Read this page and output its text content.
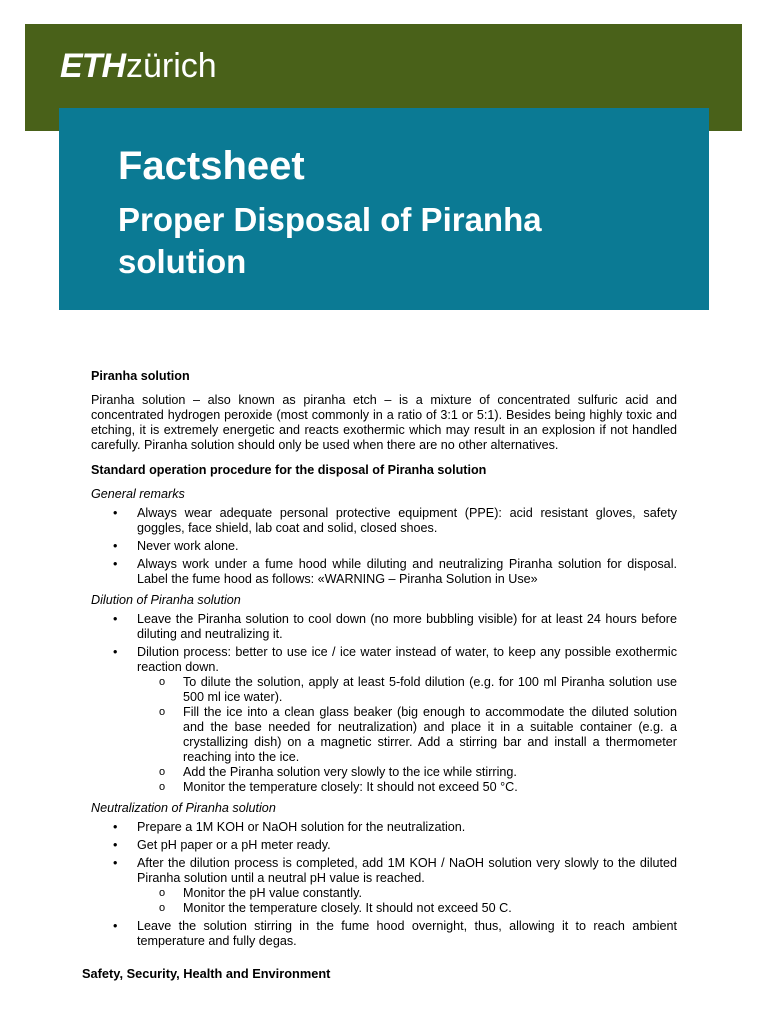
ETHzürich
Factsheet
Proper Disposal of Piranha solution
Piranha solution

Piranha solution – also known as piranha etch – is a mixture of concentrated sulfuric acid and concentrated hydrogen peroxide (most commonly in a ratio of 3:1 or 5:1). Besides being highly toxic and etching, it is extremely energetic and reacts exothermic which may result in an explosion if not handled carefully. Piranha solution should only be used when there are no other alternatives.

Standard operation procedure for the disposal of Piranha solution
General remarks
• Always wear adequate personal protective equipment (PPE): acid resistant gloves, safety goggles, face shield, lab coat and solid, closed shoes.
• Never work alone.
• Always work under a fume hood while diluting and neutralizing Piranha solution for disposal. Label the fume hood as follows: «WARNING – Piranha Solution in Use»
Dilution of Piranha solution
• Leave the Piranha solution to cool down (no more bubbling visible) for at least 24 hours before diluting and neutralizing it.
• Dilution process: better to use ice / ice water instead of water, to keep any possible exothermic reaction down.
o To dilute the solution, apply at least 5-fold dilution (e.g. for 100 ml Piranha solution use 500 ml ice water).
o Fill the ice into a clean glass beaker (big enough to accommodate the diluted solution and the base needed for neutralization) and place it in a suitable container (e.g. a crystallizing dish) on a magnetic stirrer. Add a stirring bar and install a thermometer reaching into the ice.
o Add the Piranha solution very slowly to the ice while stirring.
o Monitor the temperature closely: It should not exceed 50 °C.
Neutralization of Piranha solution
• Prepare a 1M KOH or NaOH solution for the neutralization.
• Get pH paper or a pH meter ready.
• After the dilution process is completed, add 1M KOH / NaOH solution very slowly to the diluted Piranha solution until a neutral pH value is reached.
o Monitor the pH value constantly.
o Monitor the temperature closely. It should not exceed 50 C.
• Leave the solution stirring in the fume hood overnight, thus, allowing it to reach ambient temperature and fully degas.
Safety, Security, Health and Environment
